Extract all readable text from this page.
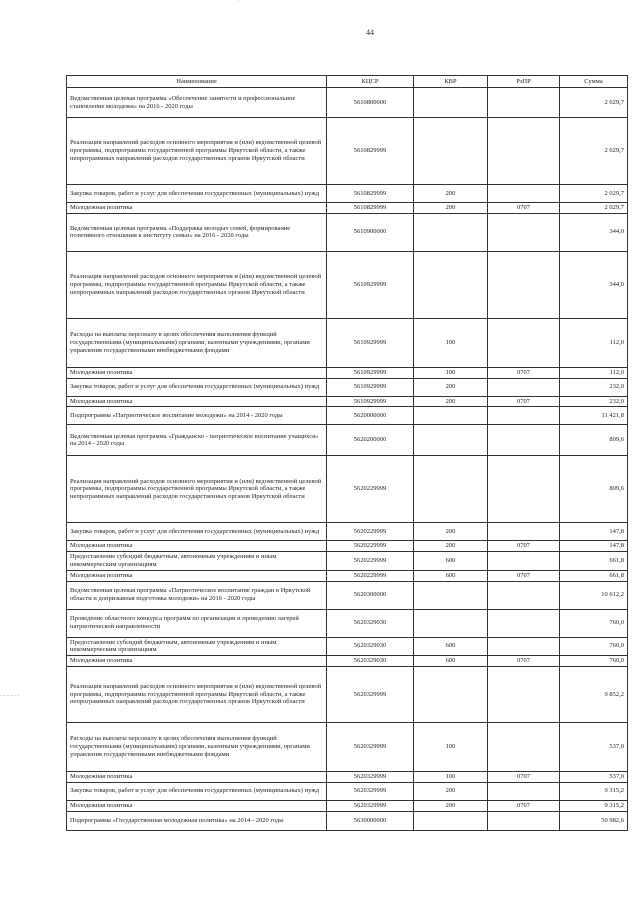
'
44
- - - - - -
Наименование	КЦСР	КВР	РзПР	Сумма
Ведомственная целевая программа «Обеспечение занятости и профессиональное становление молодежи» на 2016 - 2020 годы	5610800000			2 029,7
Реализация направлений расходов основного мероприятия и (или) ведомственной целевой программы, подпрограммы государственной программы Иркутской области, а также непрограммных направлений расходов государственных органов Иркутской области	5610829999			2 029,7
Закупка товаров, работ и услуг для обеспечения государственных (муниципальных) нужд	5610829999	200		2 029,7
Молодежная политика	5610829999	200	0707	2 029,7
Ведомственная целевая программа «Поддержка молодых семей, формирование позитивного отношения к институту семьи» на 2016 - 2020 годы	5610900000			344,0
Реализация направлений расходов основного мероприятия и (или) ведомственной целевой программы, подпрограммы государственной программы Иркутской области, а также непрограммных направлений расходов государственных органов Иркутской области	5610929999			344,0
Расходы на выплаты персоналу в целях обеспечения выполнения функций государственными (муниципальными) органами, казенными учреждениями, органами управления государственными внебюджетными фондами	5610929999	100		112,0
Молодежная политика	5610929999	100	0707	112,0
Закупка товаров, работ и услуг для обеспечения государственных (муниципальных) нужд	5610929999	200		232,0
Молодежная политика	5610929999	200	0707	232,0
Подпрограмма «Патриотическое воспитание молодежи» на 2014 - 2020 годы	5620000000			11 421,8
Ведомственная целевая программа «Гражданско - патриотическое воспитание учащихся» на 2014 - 2020 годы	5620200000			809,6
Реализация направлений расходов основного мероприятия и (или) ведомственной целевой программы, подпрограммы государственной программы Иркутской области, а также непрограммных направлений расходов государственных органов Иркутской области	5620229999			809,6
Закупка товаров, работ и услуг для обеспечения государственных (муниципальных) нужд	5620229999	200		147,8
Молодежная политика	5620229999	200	0707	147,8
Предоставление субсидий бюджетным, автономным учреждениям и иным некоммерческим организациям	5620229999	600		661,8
Молодежная политика	5620229999	600	0707	661,8
Ведомственная целевая программа «Патриотическое воспитание граждан в Иркутской области и допризывная подготовка молодежи» на 2016 - 2020 годы	5620300000			10 612,2
Проведение областного конкурса программ по организации и проведению лагерей патриотической направленности	5620329030			760,0
Предоставление субсидий бюджетным, автономным учреждениям и иным некоммерческим организациям	5620329030	600		760,0
Молодежная политика	5620329030	600	0707	760,0
Реализация направлений расходов основного мероприятия и (или) ведомственной целевой программы, подпрограммы государственной программы Иркутской области, а также непрограммных направлений расходов государственных органов Иркутской области	5620329999			9 852,2
Расходы на выплаты персоналу в целях обеспечения выполнения функций государственными (муниципальными) органами, казенными учреждениями, органами управления государственными внебюджетными фондами	5620329999	100		537,0
Молодежная политика	5620329999	100	0707	537,0
Закупка товаров, работ и услуг для обеспечения государственных (муниципальных) нужд	5620329999	200		9 315,2
Молодежная политика	5620329999	200	0707	9 315,2
Подпрограмма «Государственная молодежная политика» на 2014 - 2020 годы	5630000000			50 982,6
